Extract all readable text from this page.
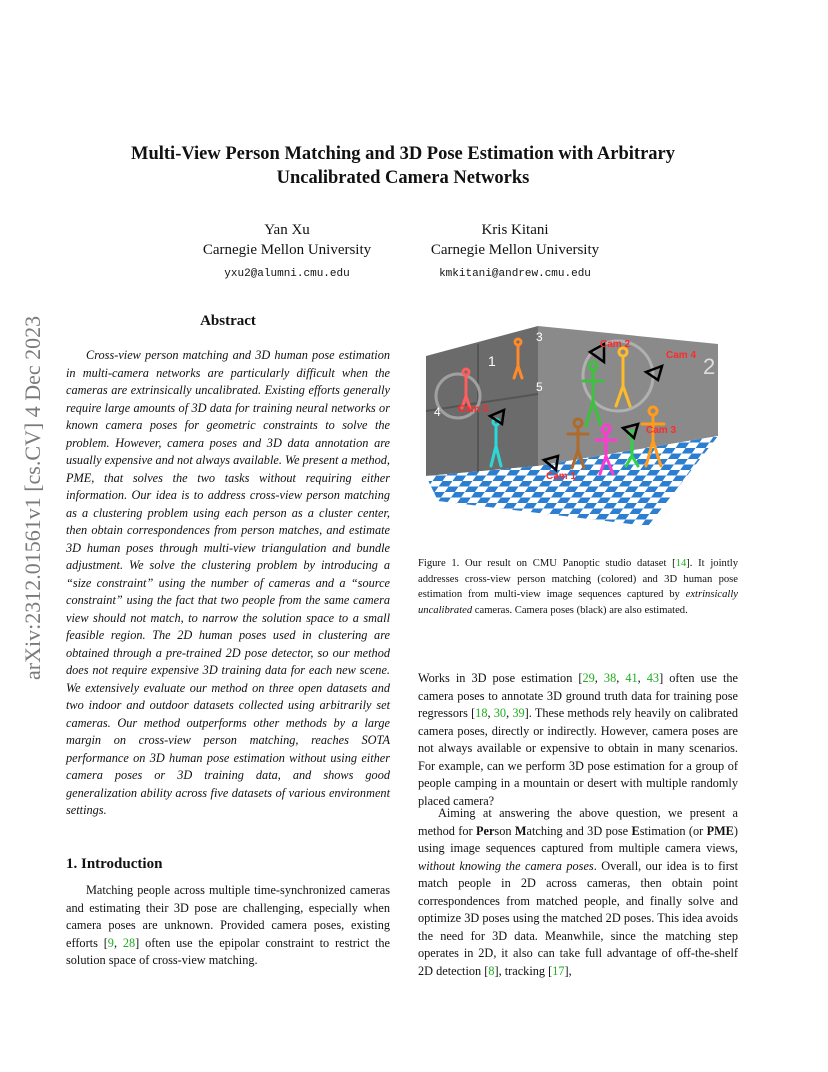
arXiv:2312.01561v1 [cs.CV] 4 Dec 2023
Multi-View Person Matching and 3D Pose Estimation with Arbitrary Uncalibrated Camera Networks
Yan Xu
Carnegie Mellon University
yxu2@alumni.cmu.edu
Kris Kitani
Carnegie Mellon University
kmkitani@andrew.cmu.edu
Abstract
Cross-view person matching and 3D human pose estimation in multi-camera networks are particularly difficult when the cameras are extrinsically uncalibrated. Existing efforts generally require large amounts of 3D data for training neural networks or known camera poses for geometric constraints to solve the problem. However, camera poses and 3D data annotation are usually expensive and not always available. We present a method, PME, that solves the two tasks without requiring either information. Our idea is to address cross-view person matching as a clustering problem using each person as a cluster center, then obtain correspondences from person matches, and estimate 3D human poses through multi-view triangulation and bundle adjustment. We solve the clustering problem by introducing a “size constraint” using the number of cameras and a “source constraint” using the fact that two people from the same camera view should not match, to narrow the solution space to a small feasible region. The 2D human poses used in clustering are obtained through a pre-trained 2D pose detector, so our method does not require expensive 3D training data for each new scene. We extensively evaluate our method on three open datasets and two indoor and outdoor datasets collected using arbitrarily set cameras. Our method outperforms other methods by a large margin on cross-view person matching, reaches SOTA performance on 3D human pose estimation without using either camera poses or 3D training data, and shows good generalization ability across five datasets of various environment settings.
1. Introduction
Matching people across multiple time-synchronized cameras and estimating their 3D pose are challenging, especially when camera poses are unknown. Provided camera poses, existing efforts [9, 28] often use the epipolar constraint to restrict the solution space of cross-view matching.
1	2
3
4
5
Cam 1
Cam 2
Cam 3
Cam 4
Cam 5
Figure 1. Our result on CMU Panoptic studio dataset [14]. It jointly addresses cross-view person matching (colored) and 3D human pose estimation from multi-view image sequences captured by extrinsically uncalibrated cameras. Camera poses (black) are also estimated.
Works in 3D pose estimation [29, 38, 41, 43] often use the camera poses to annotate 3D ground truth data for training pose regressors [18, 30, 39]. These methods rely heavily on calibrated camera poses, directly or indirectly. However, camera poses are not always available or expensive to obtain in many scenarios. For example, can we perform 3D pose estimation for a group of people camping in a mountain or desert with multiple randomly placed camera?
Aiming at answering the above question, we present a method for Person Matching and 3D pose Estimation (or PME) using image sequences captured from multiple camera views, without knowing the camera poses. Overall, our idea is to first match people in 2D across cameras, then obtain point correspondences from matched people, and finally solve and optimize 3D poses using the matched 2D poses. This idea avoids the need for 3D data. Meanwhile, since the matching step operates in 2D, it also can take full advantage of off-the-shelf 2D detection [8], tracking [17],
